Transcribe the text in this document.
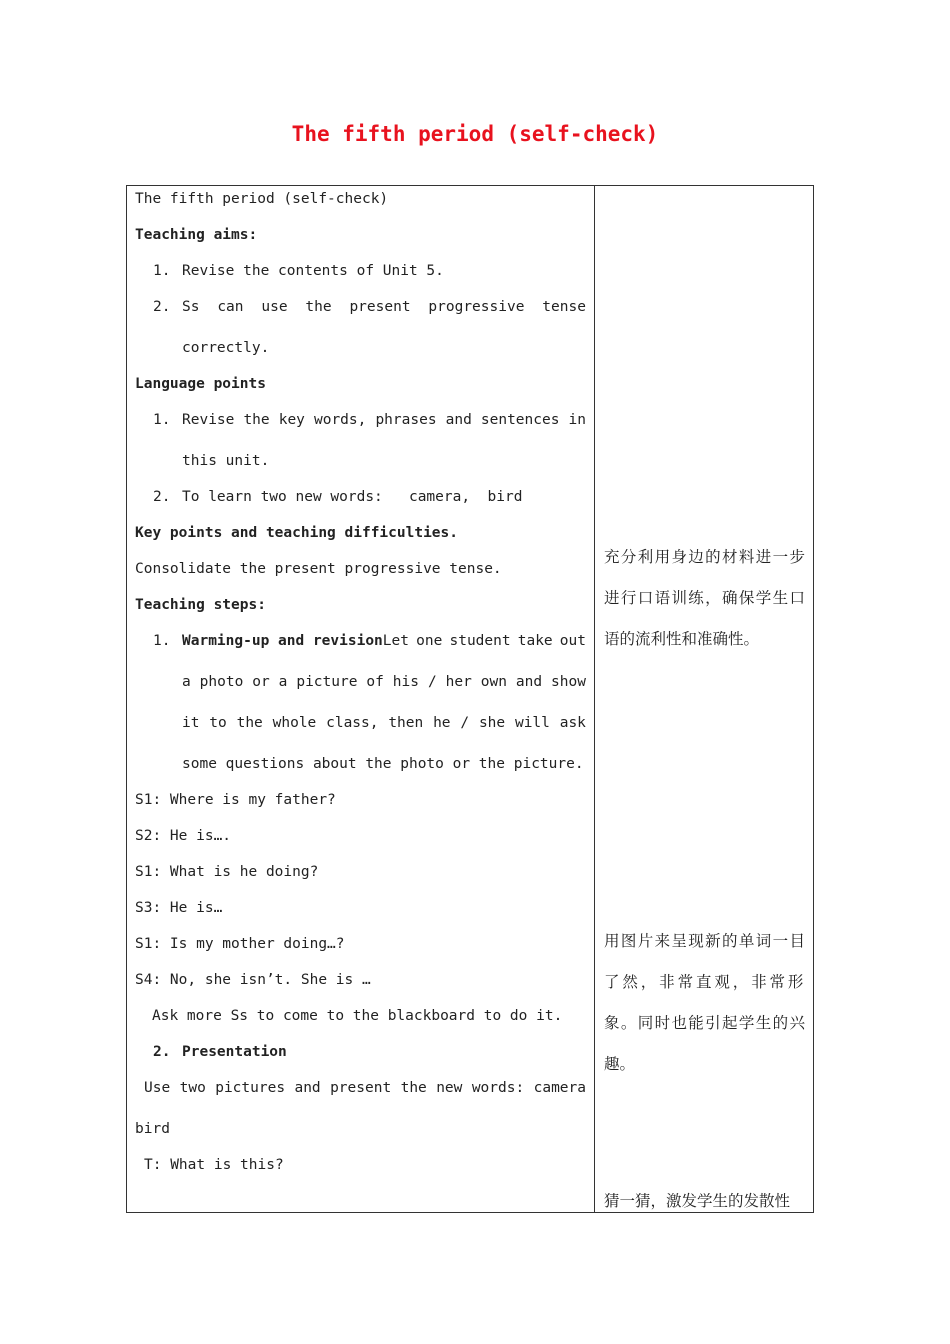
The fifth period (self-check)
The fifth period (self-check)
Teaching aims:
1. Revise the contents of Unit 5.
2. Ss can use the present progressive tense
correctly.
Language points
1. Revise the key words, phrases and sentences in
this unit.
2. To learn two new words:   camera,  bird
Key points and teaching difficulties.
Consolidate the present progressive tense.
Teaching steps:
1. Warming-up and revisionLet one student take out
a photo or a picture of his / her own and show
it to the whole class, then he / she will ask
some questions about the photo or the picture.
S1: Where is my father?
S2: He is….
S1: What is he doing?
S3: He is…
S1: Is my mother doing…?
S4: No, she isn’t. She is …
Ask more Ss to come to the blackboard to do it.
2. Presentation
Use two pictures and present the new words: camera
bird
T: What is this?
充 分 利 用 身 边 的 材 料 进 一 步
进 行 口 语 训 练 ， 确 保 学 生 口
语的流利性和准确性。
用 图 片 来 呈 现 新 的 单 词 一 目
了 然 ， 非 常 直 观 ， 非 常 形
象 。 同 时 也 能 引 起 学 生 的 兴
趣。
猜一猜，激发学生的发散性
